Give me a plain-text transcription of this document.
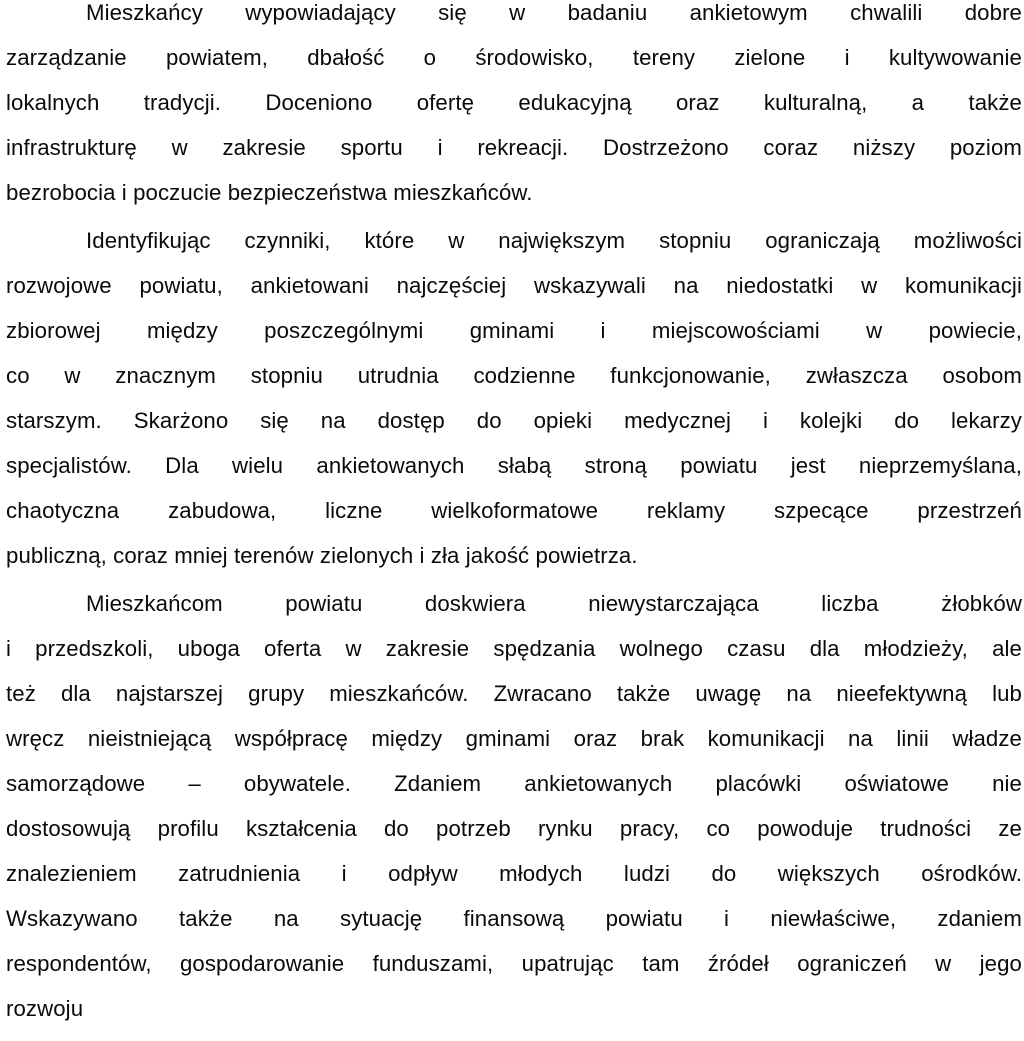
Mieszkańcy wypowiadający się w badaniu ankietowym chwalili dobre
zarządzanie powiatem, dbałość o środowisko, tereny zielone i kultywowanie
lokalnych tradycji. Doceniono ofertę edukacyjną oraz kulturalną, a także
infrastrukturę w zakresie sportu i rekreacji. Dostrzeżono coraz niższy poziom
bezrobocia i poczucie bezpieczeństwa mieszkańców.
Identyfikując czynniki, które w największym stopniu ograniczają możliwości
rozwojowe powiatu, ankietowani najczęściej wskazywali na niedostatki w komunikacji
zbiorowej między poszczególnymi gminami i miejscowościami w powiecie,
co w znacznym stopniu utrudnia codzienne funkcjonowanie, zwłaszcza osobom
starszym. Skarżono się na dostęp do opieki medycznej i kolejki do lekarzy
specjalistów. Dla wielu ankietowanych słabą stroną powiatu jest nieprzemyślana,
chaotyczna zabudowa, liczne wielkoformatowe reklamy szpecące przestrzeń
publiczną, coraz mniej terenów zielonych i zła jakość powietrza.
Mieszkańcom powiatu doskwiera niewystarczająca liczba żłobków
i przedszkoli, uboga oferta w zakresie spędzania wolnego czasu dla młodzieży, ale
też dla najstarszej grupy mieszkańców. Zwracano także uwagę na nieefektywną lub
wręcz nieistniejącą współpracę między gminami oraz brak komunikacji na linii władze
samorządowe – obywatele. Zdaniem ankietowanych placówki oświatowe nie
dostosowują profilu kształcenia do potrzeb rynku pracy, co powoduje trudności ze
znalezieniem zatrudnienia i odpływ młodych ludzi do większych ośrodków.
Wskazywano także na sytuację finansową powiatu i niewłaściwe, zdaniem
respondentów, gospodarowanie funduszami, upatrując tam źródeł ograniczeń w jego
rozwoju
